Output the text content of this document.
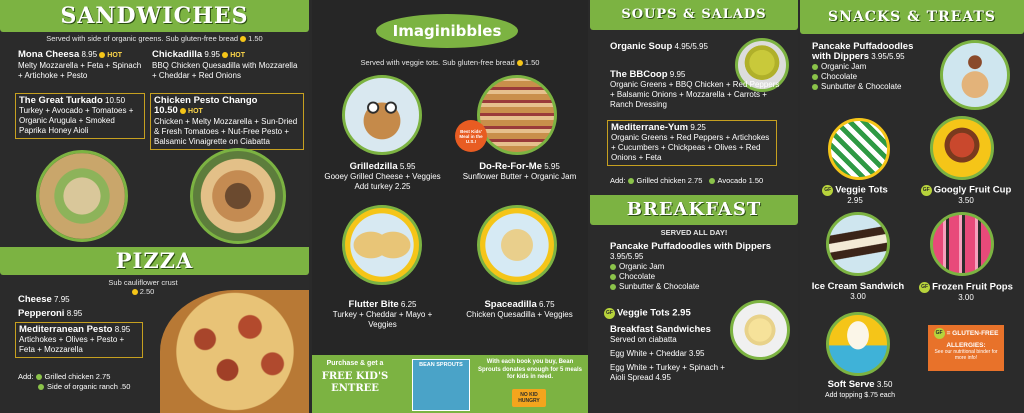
SANDWICHES
Served with side of organic greens. Sub gluten-free bread 1.50
Mona Cheesa 8.95 HOT
Melty Mozzarella + Feta + Spinach + Artichoke + Pesto
Chickadilla 9.95 HOT
BBQ Chicken Quesadilla with Mozzarella + Cheddar + Red Onions
The Great Turkado 10.50
Turkey + Avocado + Tomatoes + Organic Arugula + Smoked Paprika Honey Aioli
Chicken Pesto Chango
10.50 HOT
Chicken + Melty Mozzarella + Sun-Dried & Fresh Tomatoes + Nut-Free Pesto + Balsamic Vinaigrette on Ciabatta
PIZZA
Sub cauliflower crust
2.50
Cheese 7.95
Pepperoni 8.95
Mediterranean Pesto 8.95
Artichokes + Olives + Pesto + Feta + Mozzarella
Add: Grilled chicken 2.75
Side of organic ranch .50
Imaginibbles
Served with veggie tots. Sub gluten-free bread 1.50
Best Kids' Meal in the U.S.!
Grilledzilla 5.95
Gooey Grilled Cheese + Veggies
Add turkey 2.25
Do-Re-For-Me 5.95
Sunflower Butter + Organic Jam
Flutter Bite 6.25
Turkey + Cheddar + Mayo + Veggies
Spaceadilla 6.75
Chicken Quesadilla + Veggies
Purchase & get a
FREE KID'S ENTREE
BEAN SPROUTS	With each book you buy, Bean Sprouts donates enough for 5 meals for kids in need.
NO KID HUNGRY
SOUPS & SALADS
Organic Soup 4.95/5.95
The BBCoop 9.95
Organic Greens + BBQ Chicken + Red Peppers + Balsamic Onions + Mozzarella + Carrots + Ranch Dressing
Mediterrane-Yum 9.25
Organic Greens + Red Peppers + Artichokes + Cucumbers + Chickpeas + Olives + Red Onions + Feta
Add: Grilled chicken 2.75 Avocado 1.50
BREAKFAST
SERVED ALL DAY!
Pancake Puffadoodles with Dippers
3.95/5.95
Organic Jam
Chocolate
Sunbutter & Chocolate
GF Veggie Tots 2.95
Breakfast Sandwiches
Served on ciabatta

Egg White + Cheddar 3.95
Egg White + Turkey + Spinach + Aioli Spread 4.95
SNACKS & TREATS
Pancake Puffadoodles with Dippers 3.95/5.95
Organic Jam
Chocolate
Sunbutter & Chocolate
GF Veggie Tots
2.95
GF Googly Fruit Cup
3.50
Ice Cream Sandwich
3.00
GF Frozen Fruit Pops
3.00
Soft Serve 3.50
Add topping $.75 each
GF = GLUTEN-FREE
ALLERGIES:
See our nutritional binder for more info!
